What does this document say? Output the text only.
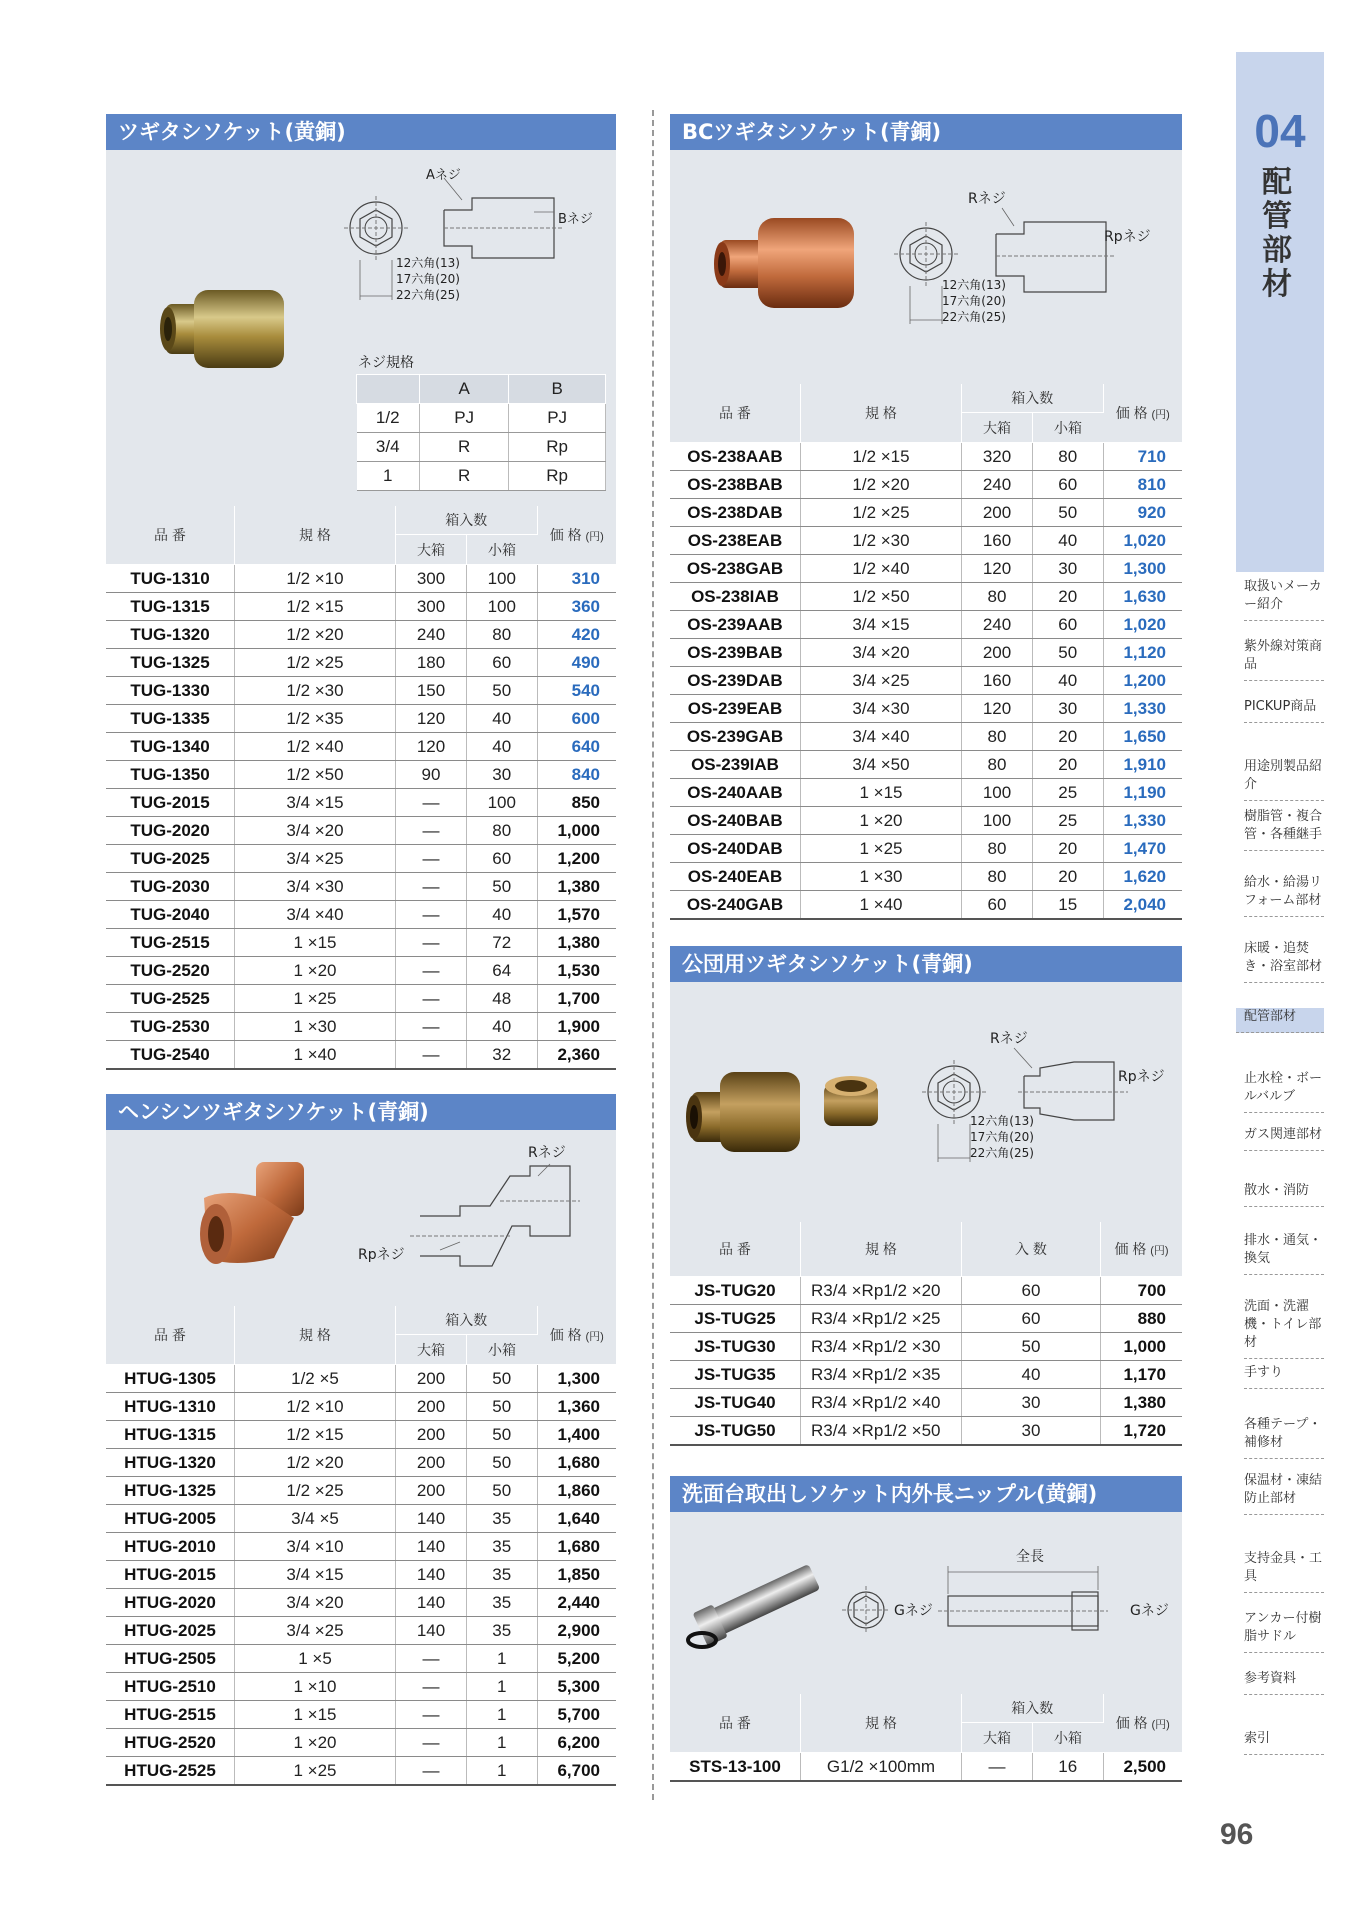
ツギタシソケット(黄銅)
Aネジ
Bネジ
12六角(13)
17六角(20)
22六角(25)
ネジ規格
	A	B
1/2	PJ	PJ
3/4	R	Rp
1	R	Rp
品 番	規 格	箱入数		価 格 (円)
		大箱	小箱	
TUG-1310	1/2 ×10	300	100	310
TUG-1315	1/2 ×15	300	100	360
TUG-1320	1/2 ×20	240	80	420
TUG-1325	1/2 ×25	180	60	490
TUG-1330	1/2 ×30	150	50	540
TUG-1335	1/2 ×35	120	40	600
TUG-1340	1/2 ×40	120	40	640
TUG-1350	1/2 ×50	90	30	840
TUG-2015	3/4 ×15	—	100	850
TUG-2020	3/4 ×20	—	80	1,000
TUG-2025	3/4 ×25	—	60	1,200
TUG-2030	3/4 ×30	—	50	1,380
TUG-2040	3/4 ×40	—	40	1,570
TUG-2515	1 ×15	—	72	1,380
TUG-2520	1 ×20	—	64	1,530
TUG-2525	1 ×25	—	48	1,700
TUG-2530	1 ×30	—	40	1,900
TUG-2540	1 ×40	—	32	2,360
ヘンシンツギタシソケット(青銅)
Rネジ
Rpネジ
品 番	規 格	箱入数		価 格 (円)
		大箱	小箱	
HTUG-1305	1/2 ×5	200	50	1,300
HTUG-1310	1/2 ×10	200	50	1,360
HTUG-1315	1/2 ×15	200	50	1,400
HTUG-1320	1/2 ×20	200	50	1,680
HTUG-1325	1/2 ×25	200	50	1,860
HTUG-2005	3/4 ×5	140	35	1,640
HTUG-2010	3/4 ×10	140	35	1,680
HTUG-2015	3/4 ×15	140	35	1,850
HTUG-2020	3/4 ×20	140	35	2,440
HTUG-2025	3/4 ×25	140	35	2,900
HTUG-2505	1 ×5	—	1	5,200
HTUG-2510	1 ×10	—	1	5,300
HTUG-2515	1 ×15	—	1	5,700
HTUG-2520	1 ×20	—	1	6,200
HTUG-2525	1 ×25	—	1	6,700
BCツギタシソケット(青銅)
Rネジ
Rpネジ
12六角(13)
17六角(20)
22六角(25)
品 番	規 格	箱入数		価 格 (円)
		大箱	小箱	
OS-238AAB	1/2 ×15	320	80	710
OS-238BAB	1/2 ×20	240	60	810
OS-238DAB	1/2 ×25	200	50	920
OS-238EAB	1/2 ×30	160	40	1,020
OS-238GAB	1/2 ×40	120	30	1,300
OS-238IAB	1/2 ×50	80	20	1,630
OS-239AAB	3/4 ×15	240	60	1,020
OS-239BAB	3/4 ×20	200	50	1,120
OS-239DAB	3/4 ×25	160	40	1,200
OS-239EAB	3/4 ×30	120	30	1,330
OS-239GAB	3/4 ×40	80	20	1,650
OS-239IAB	3/4 ×50	80	20	1,910
OS-240AAB	1 ×15	100	25	1,190
OS-240BAB	1 ×20	100	25	1,330
OS-240DAB	1 ×25	80	20	1,470
OS-240EAB	1 ×30	80	20	1,620
OS-240GAB	1 ×40	60	15	2,040
公団用ツギタシソケット(青銅)
Rネジ
Rpネジ
12六角(13)
17六角(20)
22六角(25)
品 番	規 格	入 数	価 格 (円)
JS-TUG20	R3/4 ×Rp1/2 ×20	60	700
JS-TUG25	R3/4 ×Rp1/2 ×25	60	880
JS-TUG30	R3/4 ×Rp1/2 ×30	50	1,000
JS-TUG35	R3/4 ×Rp1/2 ×35	40	1,170
JS-TUG40	R3/4 ×Rp1/2 ×40	30	1,380
JS-TUG50	R3/4 ×Rp1/2 ×50	30	1,720
洗面台取出しソケット内外長ニップル(黄銅)
Gネジ	Gネジ
全長
品 番	規 格	箱入数		価 格 (円)
		大箱	小箱	
STS-13-100	G1/2 ×100mm	—	16	2,500
04
配管部材
取扱いメーカー紹介
紫外線対策商品
PICKUP商品
用途別製品紹介
樹脂管・複合管・各種継手
給水・給湯リフォーム部材
床暖・追焚き・浴室部材
配管部材
止水栓・ボールバルブ
ガス関連部材
散水・消防
排水・通気・換気
洗面・洗濯機・トイレ部材
手すり
各種テープ・補修材
保温材・凍結防止部材
支持金具・工具
アンカー付樹脂サドル
参考資料
索引
96
